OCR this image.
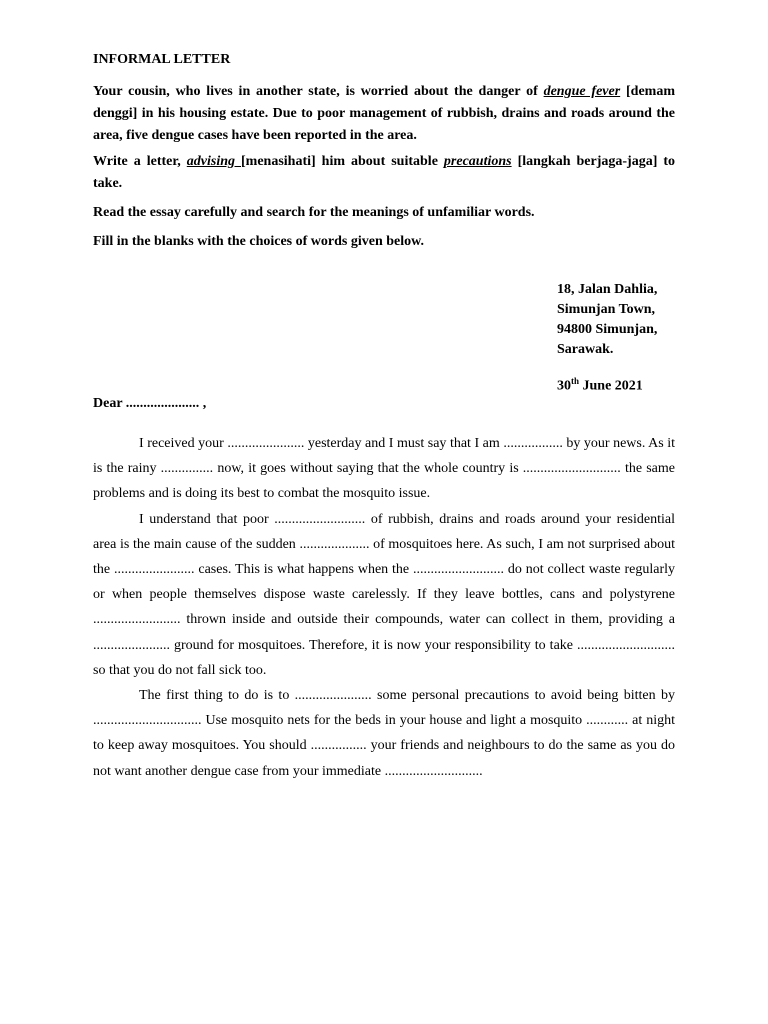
INFORMAL LETTER

Your cousin, who lives in another state, is worried about the danger of dengue fever [demam denggi] in his housing estate. Due to poor management of rubbish, drains and roads around the area, five dengue cases have been reported in the area.

Write a letter, advising [menasihati] him about suitable precautions [langkah berjaga-jaga] to take.

Read the essay carefully and search for the meanings of unfamiliar words.

Fill in the blanks with the choices of words given below.

18, Jalan Dahlia,
Simunjan Town,
94800 Simunjan,
Sarawak.
30th June 2021
Dear ..................... ,

I received your ...................... yesterday and I must say that I am ................. by your news. As it is the rainy ............... now, it goes without saying that the whole country is ............................ the same problems and is doing its best to combat the mosquito issue.

I understand that poor .......................... of rubbish, drains and roads around your residential area is the main cause of the sudden .................... of mosquitoes here. As such, I am not surprised about the ....................... cases. This is what happens when the .......................... do not collect waste regularly or when people themselves dispose waste carelessly. If they leave bottles, cans and polystyrene ......................... thrown inside and outside their compounds, water can collect in them, providing a ...................... ground for mosquitoes. Therefore, it is now your responsibility to take ............................ so that you do not fall sick too.

The first thing to do is to ...................... some personal precautions to avoid being bitten by ............................... Use mosquito nets for the beds in your house and light a mosquito ............ at night to keep away mosquitoes. You should ................ your friends and neighbours to do the same as you do not want another dengue case from your immediate ............................
